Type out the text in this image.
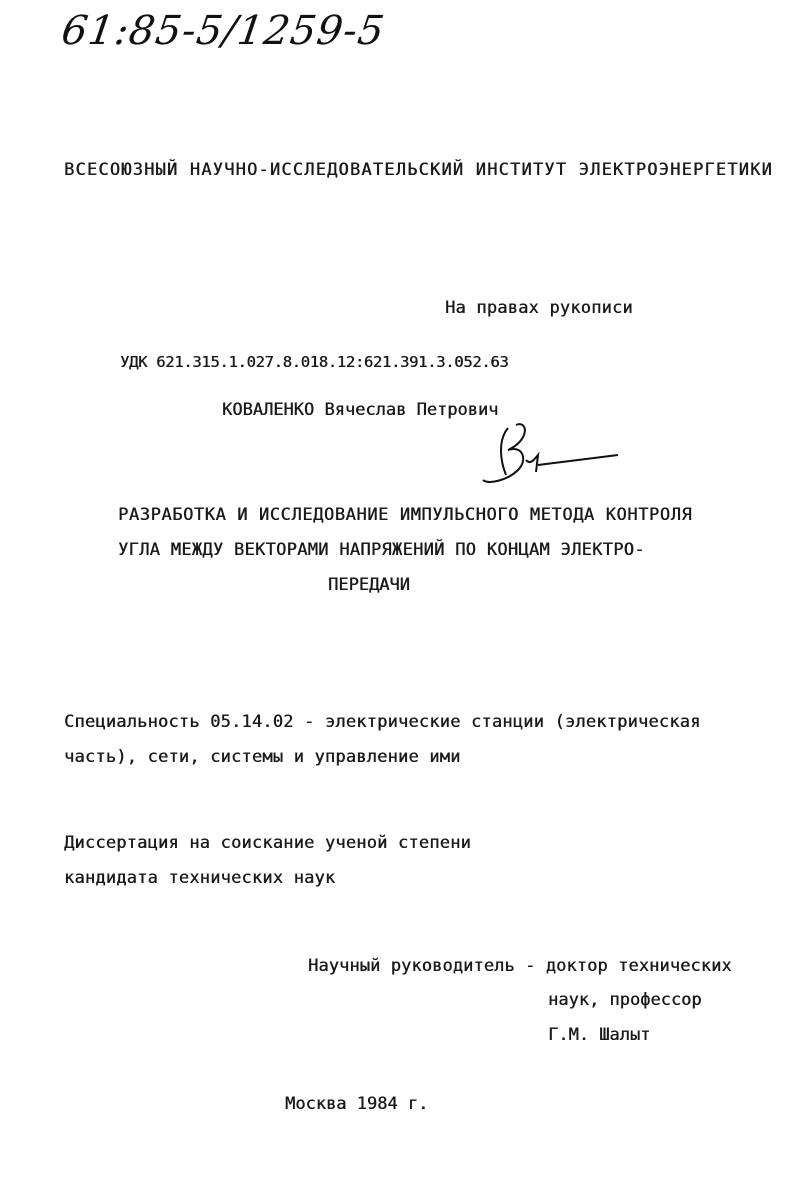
61:85-5/1259-5
ВСЕСОЮЗНЫЙ НАУЧНО-ИССЛЕДОВАТЕЛЬСКИЙ ИНСТИТУТ ЭЛЕКТРОЭНЕРГЕТИКИ
На правах рукописи
УДК 621.315.1.027.8.018.12:621.391.3.052.63
КОВАЛЕНКО Вячеслав Петрович
РАЗРАБОТКА И ИССЛЕДОВАНИЕ ИМПУЛЬСНОГО МЕТОДА КОНТРОЛЯ
УГЛА МЕЖДУ ВЕКТОРАМИ НАПРЯЖЕНИЙ ПО КОНЦАМ ЭЛЕКТРО-
ПЕРЕДАЧИ
Специальность 05.14.02 - электрические станции (электрическая
часть), сети, системы и управление ими
Диссертация на соискание ученой степени
кандидата технических наук
Научный руководитель - доктор технических
наук, профессор
Г.М. Шалыт
Москва 1984 г.
